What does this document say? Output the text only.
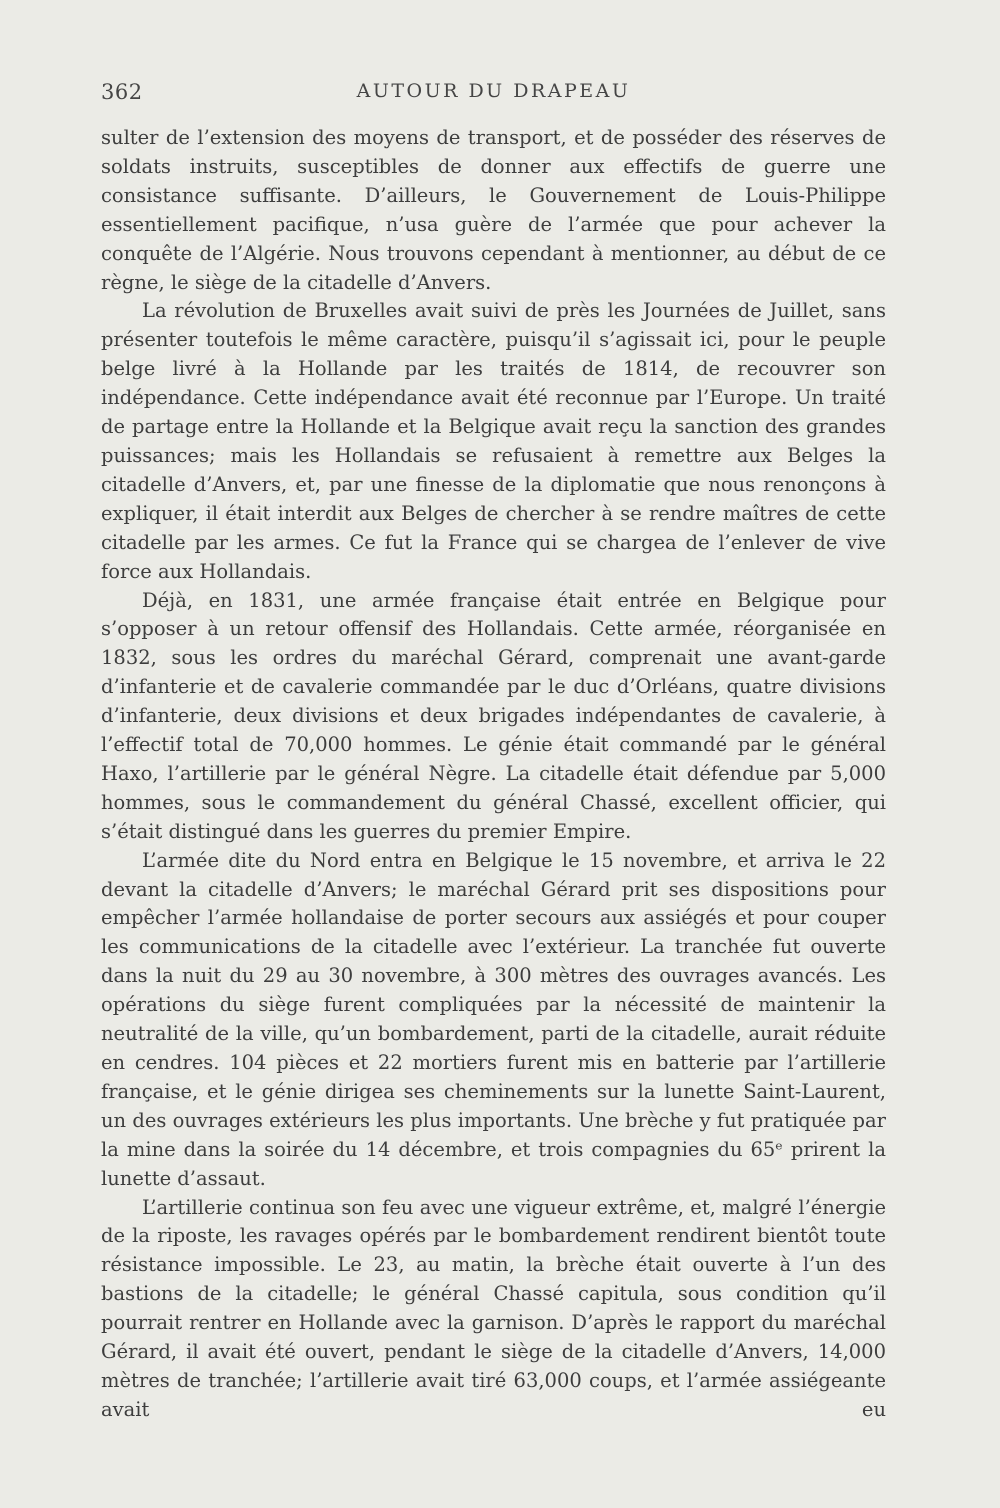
362	AUTOUR DU DRAPEAU

sulter de l’extension des moyens de transport, et de posséder des réserves de soldats instruits, susceptibles de donner aux effectifs de guerre une consistance suffisante. D’ailleurs, le Gouvernement de Louis-Philippe essentiellement pacifique, n’usa guère de l’armée que pour achever la conquête de l’Algérie. Nous trouvons cependant à mentionner, au début de ce règne, le siège de la citadelle d’Anvers.

La révolution de Bruxelles avait suivi de près les Journées de Juillet, sans présenter toutefois le même caractère, puisqu’il s’agissait ici, pour le peuple belge livré à la Hollande par les traités de 1814, de recouvrer son indépendance. Cette indépendance avait été reconnue par l’Europe. Un traité de partage entre la Hollande et la Belgique avait reçu la sanction des grandes puissances; mais les Hollandais se refusaient à remettre aux Belges la citadelle d’Anvers, et, par une finesse de la diplomatie que nous renonçons à expliquer, il était interdit aux Belges de chercher à se rendre maîtres de cette citadelle par les armes. Ce fut la France qui se chargea de l’enlever de vive force aux Hollandais.

Déjà, en 1831, une armée française était entrée en Belgique pour s’opposer à un retour offensif des Hollandais. Cette armée, réorganisée en 1832, sous les ordres du maréchal Gérard, comprenait une avant-garde d’infanterie et de cavalerie commandée par le duc d’Orléans, quatre divisions d’infanterie, deux divisions et deux brigades indépendantes de cavalerie, à l’effectif total de 70,000 hommes. Le génie était commandé par le général Haxo, l’artillerie par le général Nègre. La citadelle était défendue par 5,000 hommes, sous le commandement du général Chassé, excellent officier, qui s’était distingué dans les guerres du premier Empire.

L’armée dite du Nord entra en Belgique le 15 novembre, et arriva le 22 devant la citadelle d’Anvers; le maréchal Gérard prit ses dispositions pour empêcher l’armée hollandaise de porter secours aux assiégés et pour couper les communications de la citadelle avec l’extérieur. La tranchée fut ouverte dans la nuit du 29 au 30 novembre, à 300 mètres des ouvrages avancés. Les opérations du siège furent compliquées par la nécessité de maintenir la neutralité de la ville, qu’un bombardement, parti de la citadelle, aurait réduite en cendres. 104 pièces et 22 mortiers furent mis en batterie par l’artillerie française, et le génie dirigea ses cheminements sur la lunette Saint-Laurent, un des ouvrages extérieurs les plus importants. Une brèche y fut pratiquée par la mine dans la soirée du 14 décembre, et trois compagnies du 65ᵉ prirent la lunette d’assaut.

L’artillerie continua son feu avec une vigueur extrême, et, malgré l’énergie de la riposte, les ravages opérés par le bombardement rendirent bientôt toute résistance impossible. Le 23, au matin, la brèche était ouverte à l’un des bastions de la citadelle; le général Chassé capitula, sous condition qu’il pourrait rentrer en Hollande avec la garnison. D’après le rapport du maréchal Gérard, il avait été ouvert, pendant le siège de la citadelle d’Anvers, 14,000 mètres de tranchée; l’artillerie avait tiré 63,000 coups, et l’armée assiégeante avait eu
